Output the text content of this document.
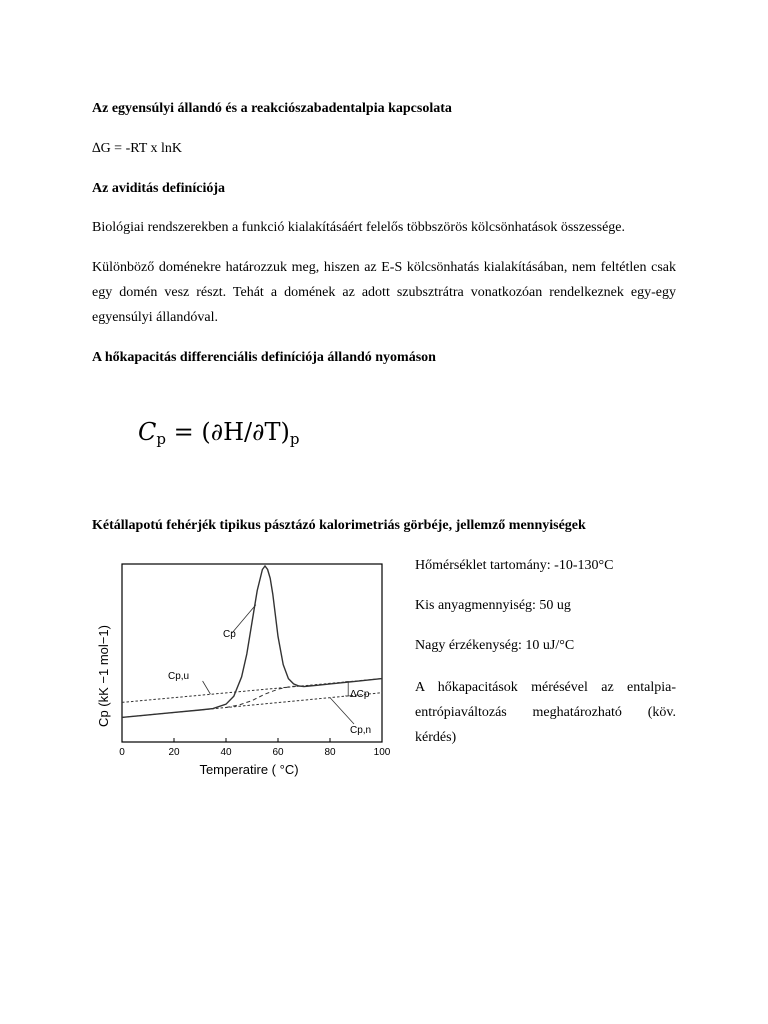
Az egyensúlyi állandó és a reakciószabadentalpia kapcsolata
∆G = -RT x lnK
Az aviditás definíciója
Biológiai rendszerekben a funkció kialakításáért felelős többszörös kölcsönhatások összessége.
Különböző doménekre határozzuk meg, hiszen az E-S kölcsönhatás kialakításában, nem feltétlen csak egy domén vesz részt. Tehát a domének az adott szubsztrátra vonatkozóan rendelkeznek egy-egy egyensúlyi állandóval.
A hőkapacitás differenciális definíciója állandó nyomáson
$C_p = (\partial H/\partial T)_p$
Kétállapotú fehérjék tipikus pásztázó kalorimetriás görbéje, jellemző mennyiségek
0	20	40	60	80	100
Cp (kK −1 mol−1)
Temperatire ( °C)
Cp
Cp,u
Cp,n
ΔCp
Hőmérséklet tartomány: -10-130°C
Kis anyagmennyiség: 50 ug
Nagy érzékenység: 10 uJ/°C
A hőkapacitások mérésével az entalpia-entrópiaváltozás meghatározható (köv. kérdés)
